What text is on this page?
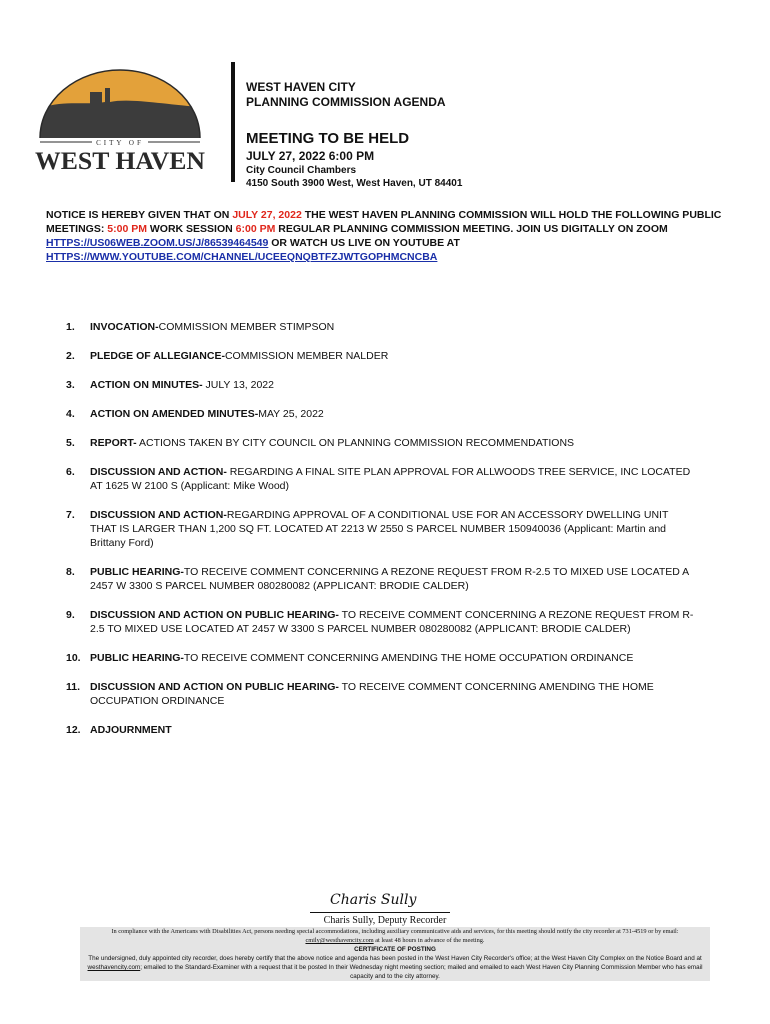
CITY OF
WEST HAVEN
WEST HAVEN CITY
PLANNING COMMISSION AGENDA
MEETING TO BE HELD
JULY 27, 2022 6:00 PM
City Council Chambers
4150 South 3900 West, West Haven, UT 84401
NOTICE IS HEREBY GIVEN THAT ON JULY 27, 2022 THE WEST HAVEN PLANNING COMMISSION WILL HOLD THE FOLLOWING PUBLIC MEETINGS: 5:00 PM WORK SESSION 6:00 PM REGULAR PLANNING COMMISSION MEETING. JOIN US DIGITALLY ON ZOOM HTTPS://US06WEB.ZOOM.US/J/86539464549 OR WATCH US LIVE ON YOUTUBE AT HTTPS://WWW.YOUTUBE.COM/CHANNEL/UCEEQNQBTFZJWTGOPHMCNCBA
1.	INVOCATION-COMMISSION MEMBER STIMPSON
2.	PLEDGE OF ALLEGIANCE-COMMISSION MEMBER NALDER
3.	ACTION ON MINUTES- JULY 13, 2022
4.	ACTION ON AMENDED MINUTES-MAY 25, 2022
5.	REPORT- ACTIONS TAKEN BY CITY COUNCIL ON PLANNING COMMISSION RECOMMENDATIONS
6.	DISCUSSION AND ACTION- REGARDING A FINAL SITE PLAN APPROVAL FOR ALLWOODS TREE SERVICE, INC LOCATED AT 1625 W 2100 S (Applicant: Mike Wood)
7.	DISCUSSION AND ACTION-REGARDING APPROVAL OF A CONDITIONAL USE FOR AN ACCESSORY DWELLING UNIT THAT IS LARGER THAN 1,200 SQ FT. LOCATED AT 2213 W 2550 S PARCEL NUMBER 150940036 (Applicant: Martin and Brittany Ford)
8.	PUBLIC HEARING-TO RECEIVE COMMENT CONCERNING A REZONE REQUEST FROM R-2.5 TO MIXED USE LOCATED A 2457 W 3300 S PARCEL NUMBER 080280082 (APPLICANT: BRODIE CALDER)
9.	DISCUSSION AND ACTION ON PUBLIC HEARING- TO RECEIVE COMMENT CONCERNING A REZONE REQUEST FROM R-2.5 TO MIXED USE LOCATED AT 2457 W 3300 S PARCEL NUMBER 080280082 (APPLICANT: BRODIE CALDER)
10. PUBLIC HEARING-TO RECEIVE COMMENT CONCERNING AMENDING THE HOME OCCUPATION ORDINANCE
11. DISCUSSION AND ACTION ON PUBLIC HEARING- TO RECEIVE COMMENT CONCERNING AMENDING THE HOME OCCUPATION ORDINANCE
12. ADJOURNMENT
Charis Sully
Charis Sully, Deputy Recorder
In compliance with the Americans with Disabilities Act, persons needing special accommodations, including auxiliary communicative aids and services, for this meeting should notify the city recorder at 731-4519 or by email: cmily@westhavencity.com at least 48 hours in advance of the meeting.
CERTIFICATE OF POSTING
The undersigned, duly appointed city recorder, does hereby certify that the above notice and agenda has been posted in the West Haven City Recorder's office; at the West Haven City Complex on the Notice Board and at westhavencity.com; emailed to the Standard-Examiner with a request that it be posted In their Wednesday night meeting section; mailed and emailed to each West Haven City Planning Commission Member who has email capacity and to the city attorney.
